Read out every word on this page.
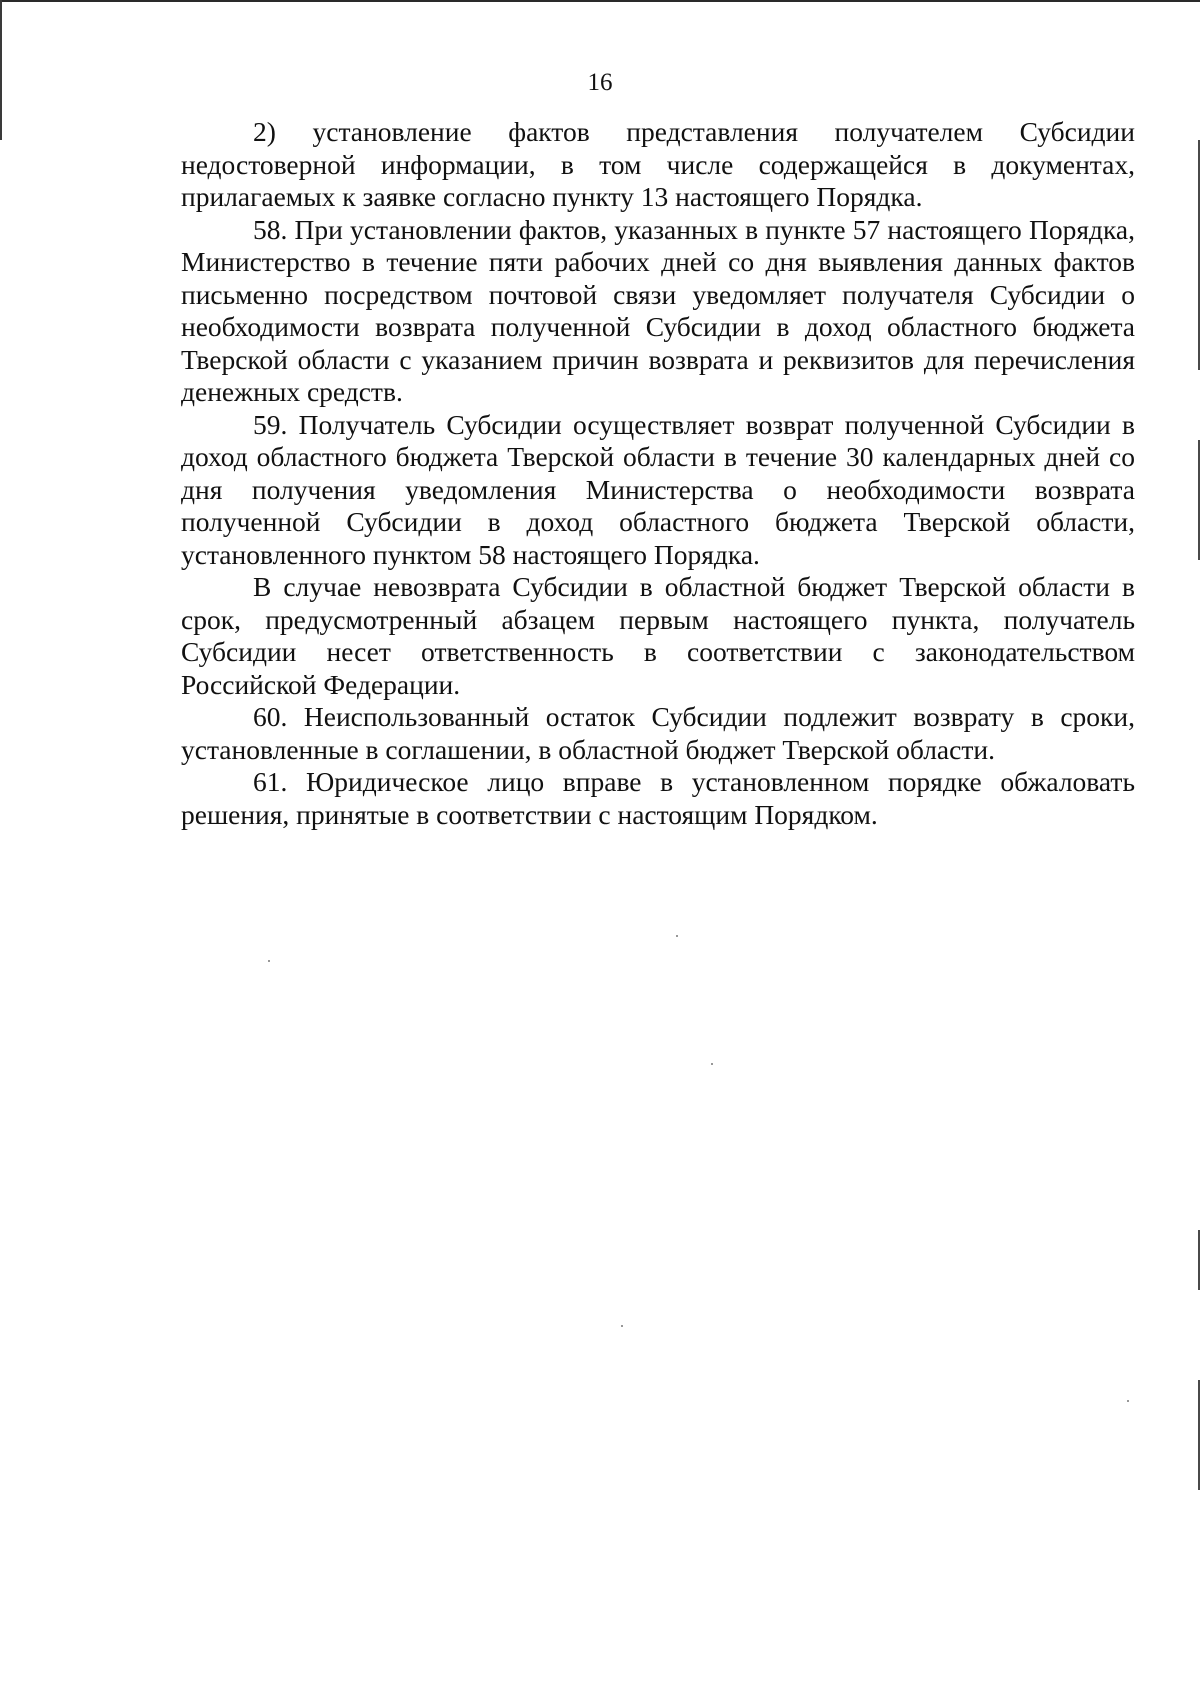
16

2) установление фактов представления получателем Субсидии недостоверной информации, в том числе содержащейся в документах, прилагаемых к заявке согласно пункту 13 настоящего Порядка.

58. При установлении фактов, указанных в пункте 57 настоящего Порядка, Министерство в течение пяти рабочих дней со дня выявления данных фактов письменно посредством почтовой связи уведомляет получателя Субсидии о необходимости возврата полученной Субсидии в доход областного бюджета Тверской области с указанием причин возврата и реквизитов для перечисления денежных средств.

59. Получатель Субсидии осуществляет возврат полученной Субсидии в доход областного бюджета Тверской области в течение 30 календарных дней со дня получения уведомления Министерства о необходимости возврата полученной Субсидии в доход областного бюджета Тверской области, установленного пунктом 58 настоящего Порядка.

В случае невозврата Субсидии в областной бюджет Тверской области в срок, предусмотренный абзацем первым настоящего пункта, получатель Субсидии несет ответственность в соответствии с законодательством Российской Федерации.

60. Неиспользованный остаток Субсидии подлежит возврату в сроки, установленные в соглашении, в областной бюджет Тверской области.

61. Юридическое лицо вправе в установленном порядке обжаловать решения, принятые в соответствии с настоящим Порядком.
